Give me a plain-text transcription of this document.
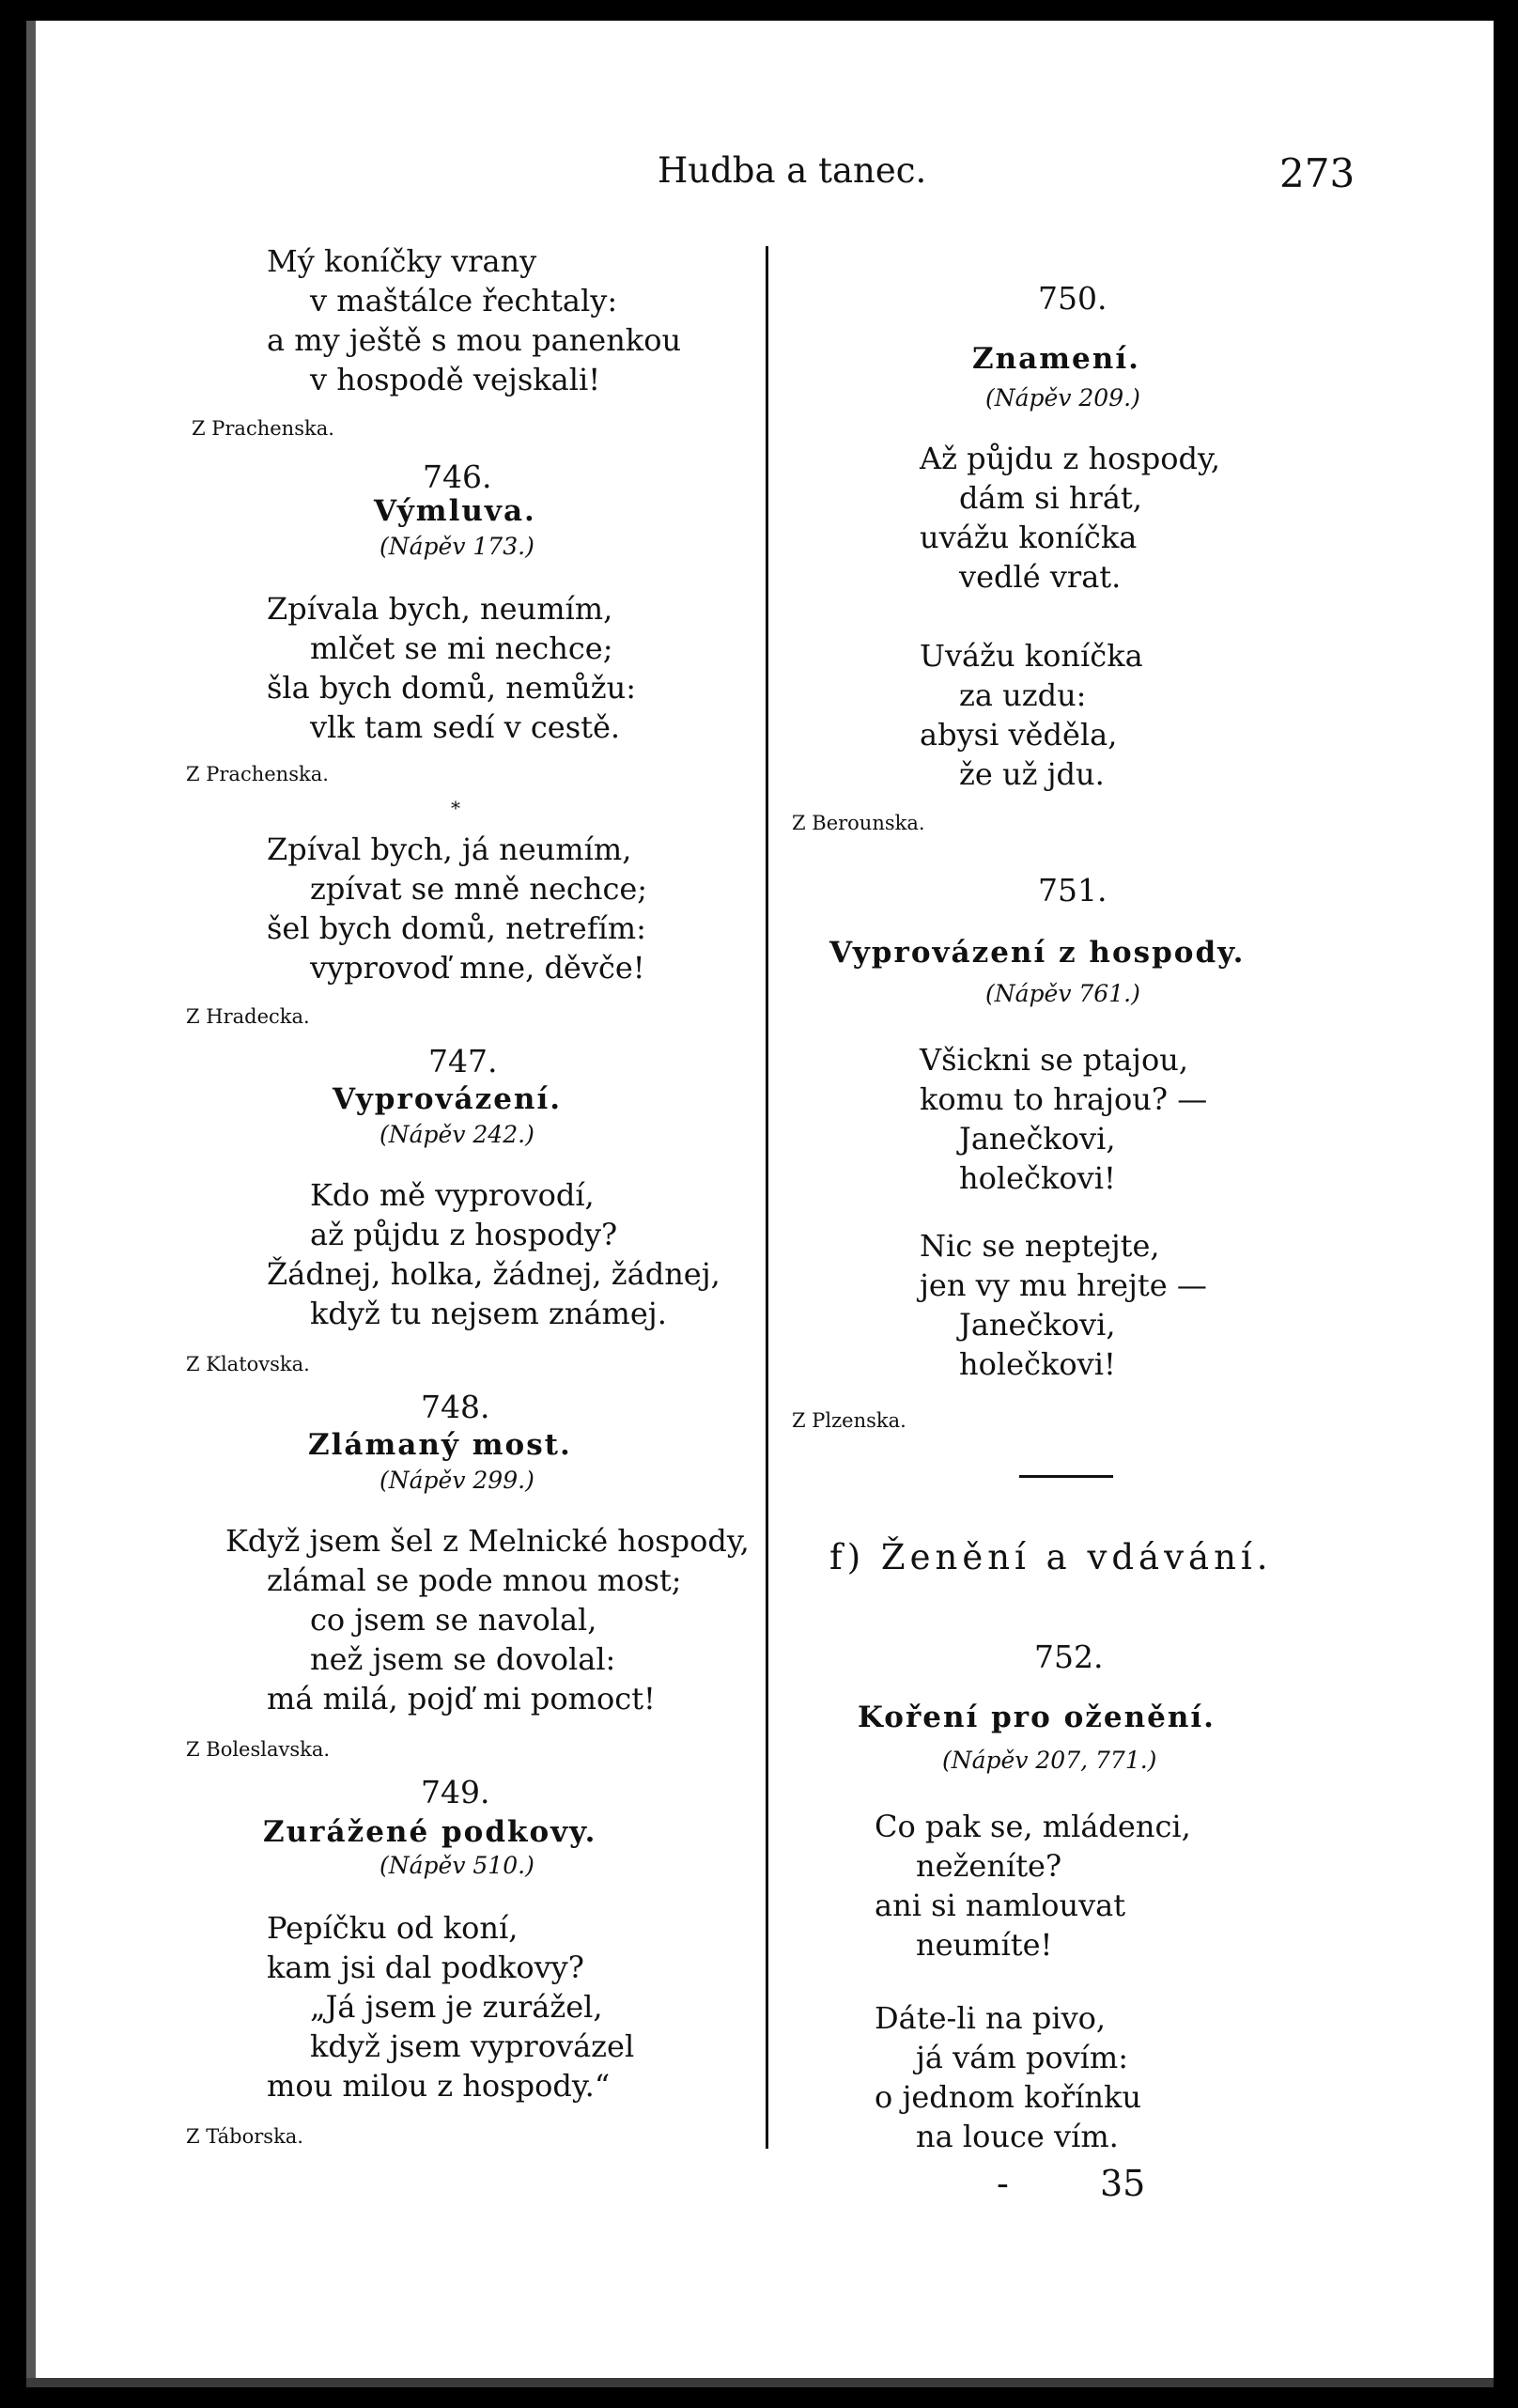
Hudba a tanec.	273
Mý koníčky vrany
v maštálce řechtaly:
a my ještě s mou panenkou
v hospodě vejskali!
Z Prachenska.
746.
Výmluva.
(Nápěv 173.)
Zpívala bych, neumím,
mlčet se mi nechce;
šla bych domů, nemůžu:
vlk tam sedí v cestě.
Z Prachenska.
*
Zpíval bych, já neumím,
zpívat se mně nechce;
šel bych domů, netrefím:
vyprovoď mne, děvče!
Z Hradecka.
747.
Vyprovázení.
(Nápěv 242.)
Kdo mě vyprovodí,
až půjdu z hospody?
Žádnej, holka, žádnej, žádnej,
když tu nejsem známej.
Z Klatovska.
748.
Zlámaný most.
(Nápěv 299.)
Když jsem šel z Melnické hospody,
zlámal se pode mnou most;
co jsem se navolal,
než jsem se dovolal:
má milá, pojď mi pomoct!
Z Boleslavska.
749.
Zurážené podkovy.
(Nápěv 510.)
Pepíčku od koní,
kam jsi dal podkovy?
„Já jsem je zurážel,
když jsem vyprovázel
mou milou z hospody.“
Z Táborska.
750.
Znamení.
(Nápěv 209.)
Až půjdu z hospody,
dám si hrát,
uvážu koníčka
vedlé vrat.
Uvážu koníčka
za uzdu:
abysi věděla,
že už jdu.
Z Berounska.
751.
Vyprovázení z hospody.
(Nápěv 761.)
Všickni se ptajou,
komu to hrajou? —
Janečkovi,
holečkovi!
Nic se neptejte,
jen vy mu hrejte —
Janečkovi,
holečkovi!
Z Plzenska.
f) Ženění a vdávání.
752.
Koření pro oženění.
(Nápěv 207, 771.)
Co pak se, mládenci,
neženíte?
ani si namlouvat
neumíte!
Dáte-li na pivo,
já vám povím:
o jednom kořínku
na louce vím.
-	35
